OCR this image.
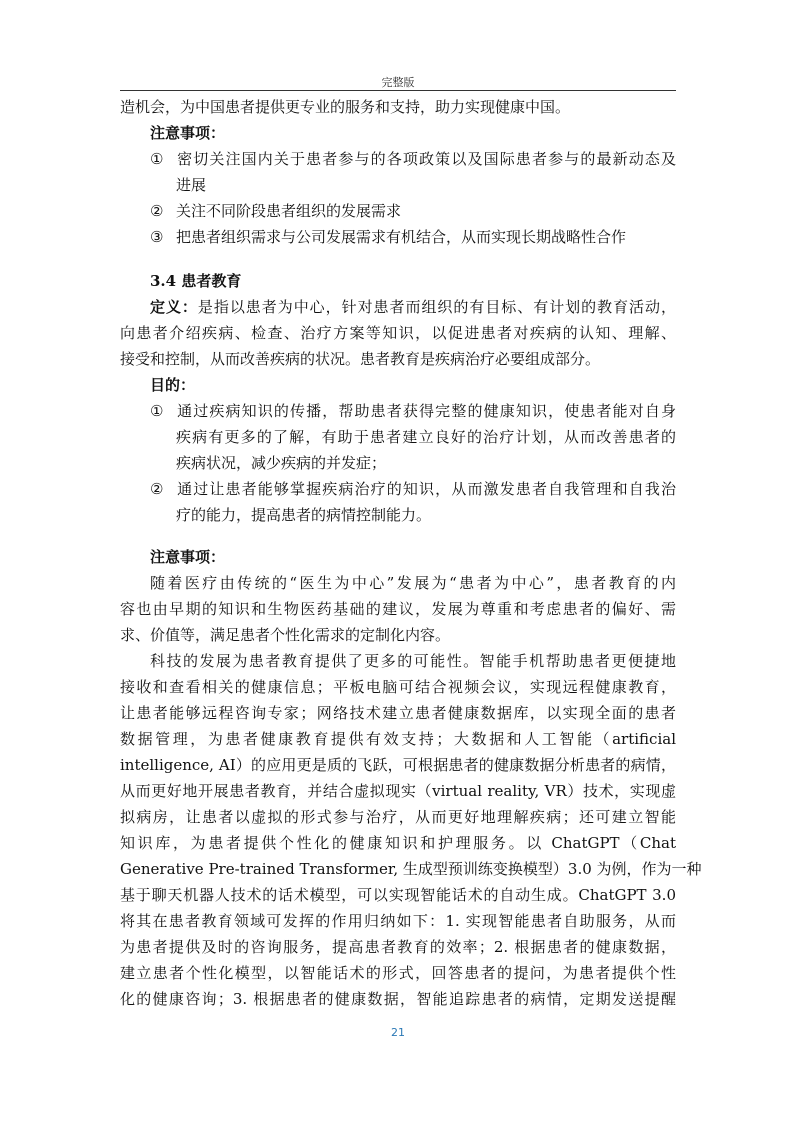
完整版
造机会，为中国患者提供更专业的服务和支持，助力实现健康中国。
注意事项：
① 密切关注国内关于患者参与的各项政策以及国际患者参与的最新动态及
进展
② 关注不同阶段患者组织的发展需求
③ 把患者组织需求与公司发展需求有机结合，从而实现长期战略性合作
3.4 患者教育
定义：是指以患者为中心，针对患者而组织的有目标、有计划的教育活动，
向患者介绍疾病、检查、治疗方案等知识，以促进患者对疾病的认知、理解、
接受和控制，从而改善疾病的状况。患者教育是疾病治疗必要组成部分。
目的：
① 通过疾病知识的传播，帮助患者获得完整的健康知识，使患者能对自身
疾病有更多的了解，有助于患者建立良好的治疗计划，从而改善患者的
疾病状况，减少疾病的并发症；
② 通过让患者能够掌握疾病治疗的知识，从而激发患者自我管理和自我治
疗的能力，提高患者的病情控制能力。
注意事项：
随着医疗由传统的“医生为中心”发展为“患者为中心”，患者教育的内
容也由早期的知识和生物医药基础的建议，发展为尊重和考虑患者的偏好、需
求、价值等，满足患者个性化需求的定制化内容。
科技的发展为患者教育提供了更多的可能性。智能手机帮助患者更便捷地
接收和查看相关的健康信息；平板电脑可结合视频会议，实现远程健康教育，
让患者能够远程咨询专家；网络技术建立患者健康数据库，以实现全面的患者
数据管理，为患者健康教育提供有效支持；大数据和人工智能（artificial
intelligence, AI）的应用更是质的飞跃，可根据患者的健康数据分析患者的病情，
从而更好地开展患者教育，并结合虚拟现实（virtual reality, VR）技术，实现虚
拟病房，让患者以虚拟的形式参与治疗，从而更好地理解疾病；还可建立智能
知识库，为患者提供个性化的健康知识和护理服务。以 ChatGPT（Chat
Generative Pre-trained Transformer, 生成型预训练变换模型）3.0 为例，作为一种
基于聊天机器人技术的话术模型，可以实现智能话术的自动生成。ChatGPT 3.0
将其在患者教育领域可发挥的作用归纳如下：1. 实现智能患者自助服务，从而
为患者提供及时的咨询服务，提高患者教育的效率；2. 根据患者的健康数据，
建立患者个性化模型，以智能话术的形式，回答患者的提问，为患者提供个性
化的健康咨询；3. 根据患者的健康数据，智能追踪患者的病情，定期发送提醒
21
